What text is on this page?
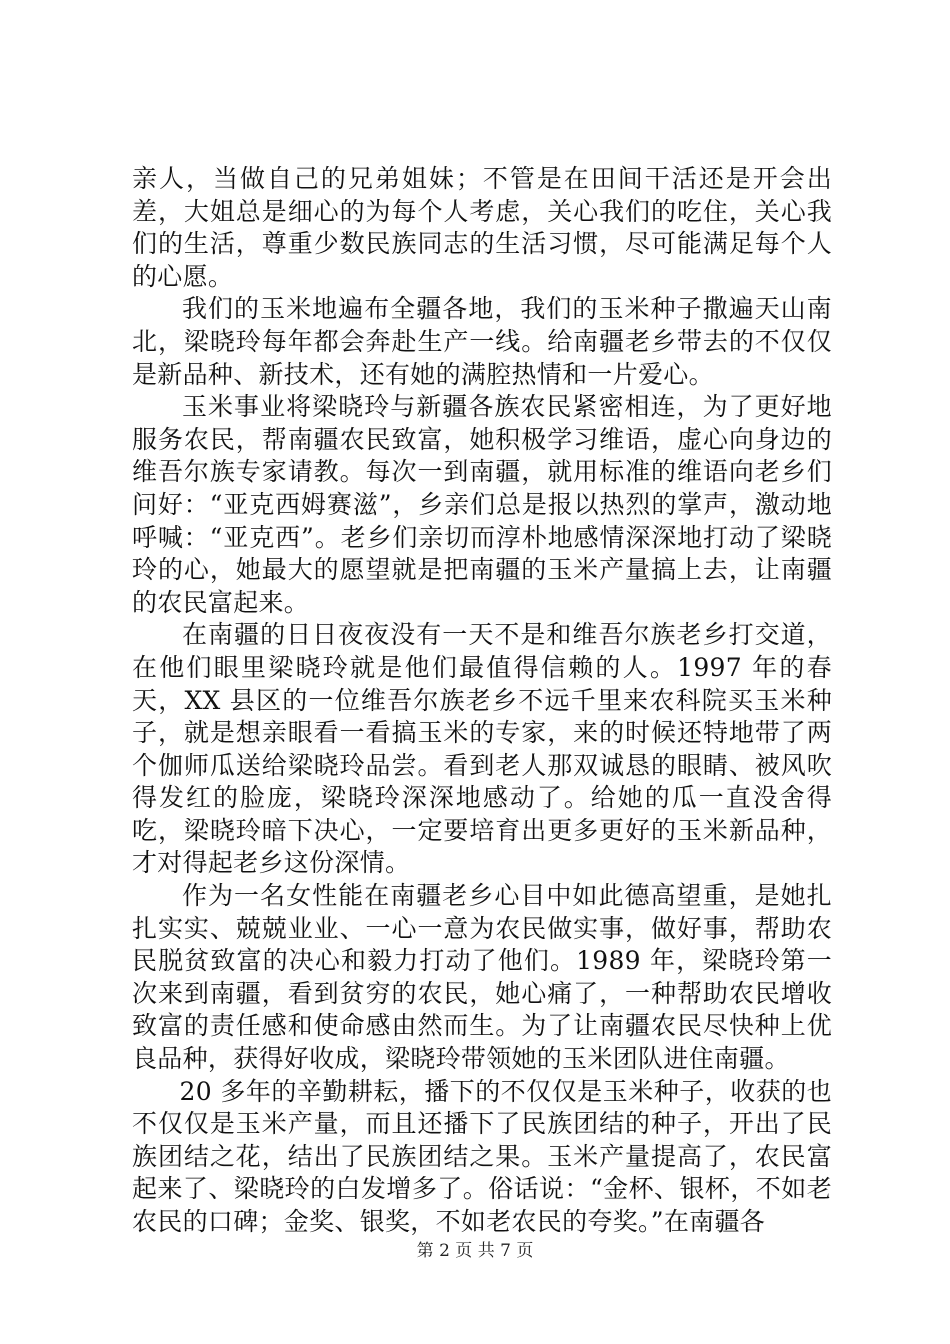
亲人，当做自己的兄弟姐妹；不管是在田间干活还是开会出差，大姐总是细心的为每个人考虑，关心我们的吃住，关心我们的生活，尊重少数民族同志的生活习惯，尽可能满足每个人的心愿。

我们的玉米地遍布全疆各地，我们的玉米种子撒遍天山南北，梁晓玲每年都会奔赴生产一线。给南疆老乡带去的不仅仅是新品种、新技术，还有她的满腔热情和一片爱心。

玉米事业将梁晓玲与新疆各族农民紧密相连，为了更好地服务农民，帮南疆农民致富，她积极学习维语，虚心向身边的维吾尔族专家请教。每次一到南疆，就用标准的维语向老乡们问好：“亚克西姆赛滋”，乡亲们总是报以热烈的掌声，激动地呼喊：“亚克西”。老乡们亲切而淳朴地感情深深地打动了梁晓玲的心，她最大的愿望就是把南疆的玉米产量搞上去，让南疆的农民富起来。

在南疆的日日夜夜没有一天不是和维吾尔族老乡打交道，在他们眼里梁晓玲就是他们最值得信赖的人。1997 年的春天，XX 县区的一位维吾尔族老乡不远千里来农科院买玉米种子，就是想亲眼看一看搞玉米的专家，来的时候还特地带了两个伽师瓜送给梁晓玲品尝。看到老人那双诚恳的眼睛、被风吹得发红的脸庞，梁晓玲深深地感动了。给她的瓜一直没舍得吃，梁晓玲暗下决心，一定要培育出更多更好的玉米新品种，才对得起老乡这份深情。

作为一名女性能在南疆老乡心目中如此德高望重，是她扎扎实实、兢兢业业、一心一意为农民做实事，做好事，帮助农民脱贫致富的决心和毅力打动了他们。1989 年，梁晓玲第一次来到南疆，看到贫穷的农民，她心痛了，一种帮助农民增收致富的责任感和使命感由然而生。为了让南疆农民尽快种上优良品种，获得好收成，梁晓玲带领她的玉米团队进住南疆。

20 多年的辛勤耕耘，播下的不仅仅是玉米种子，收获的也不仅仅是玉米产量，而且还播下了民族团结的种子，开出了民族团结之花，结出了民族团结之果。玉米产量提高了，农民富起来了、梁晓玲的白发增多了。俗话说：“金杯、银杯，不如老农民的口碑；金奖、银奖，不如老农民的夸奖。”在南疆各

第 2 页 共 7 页
